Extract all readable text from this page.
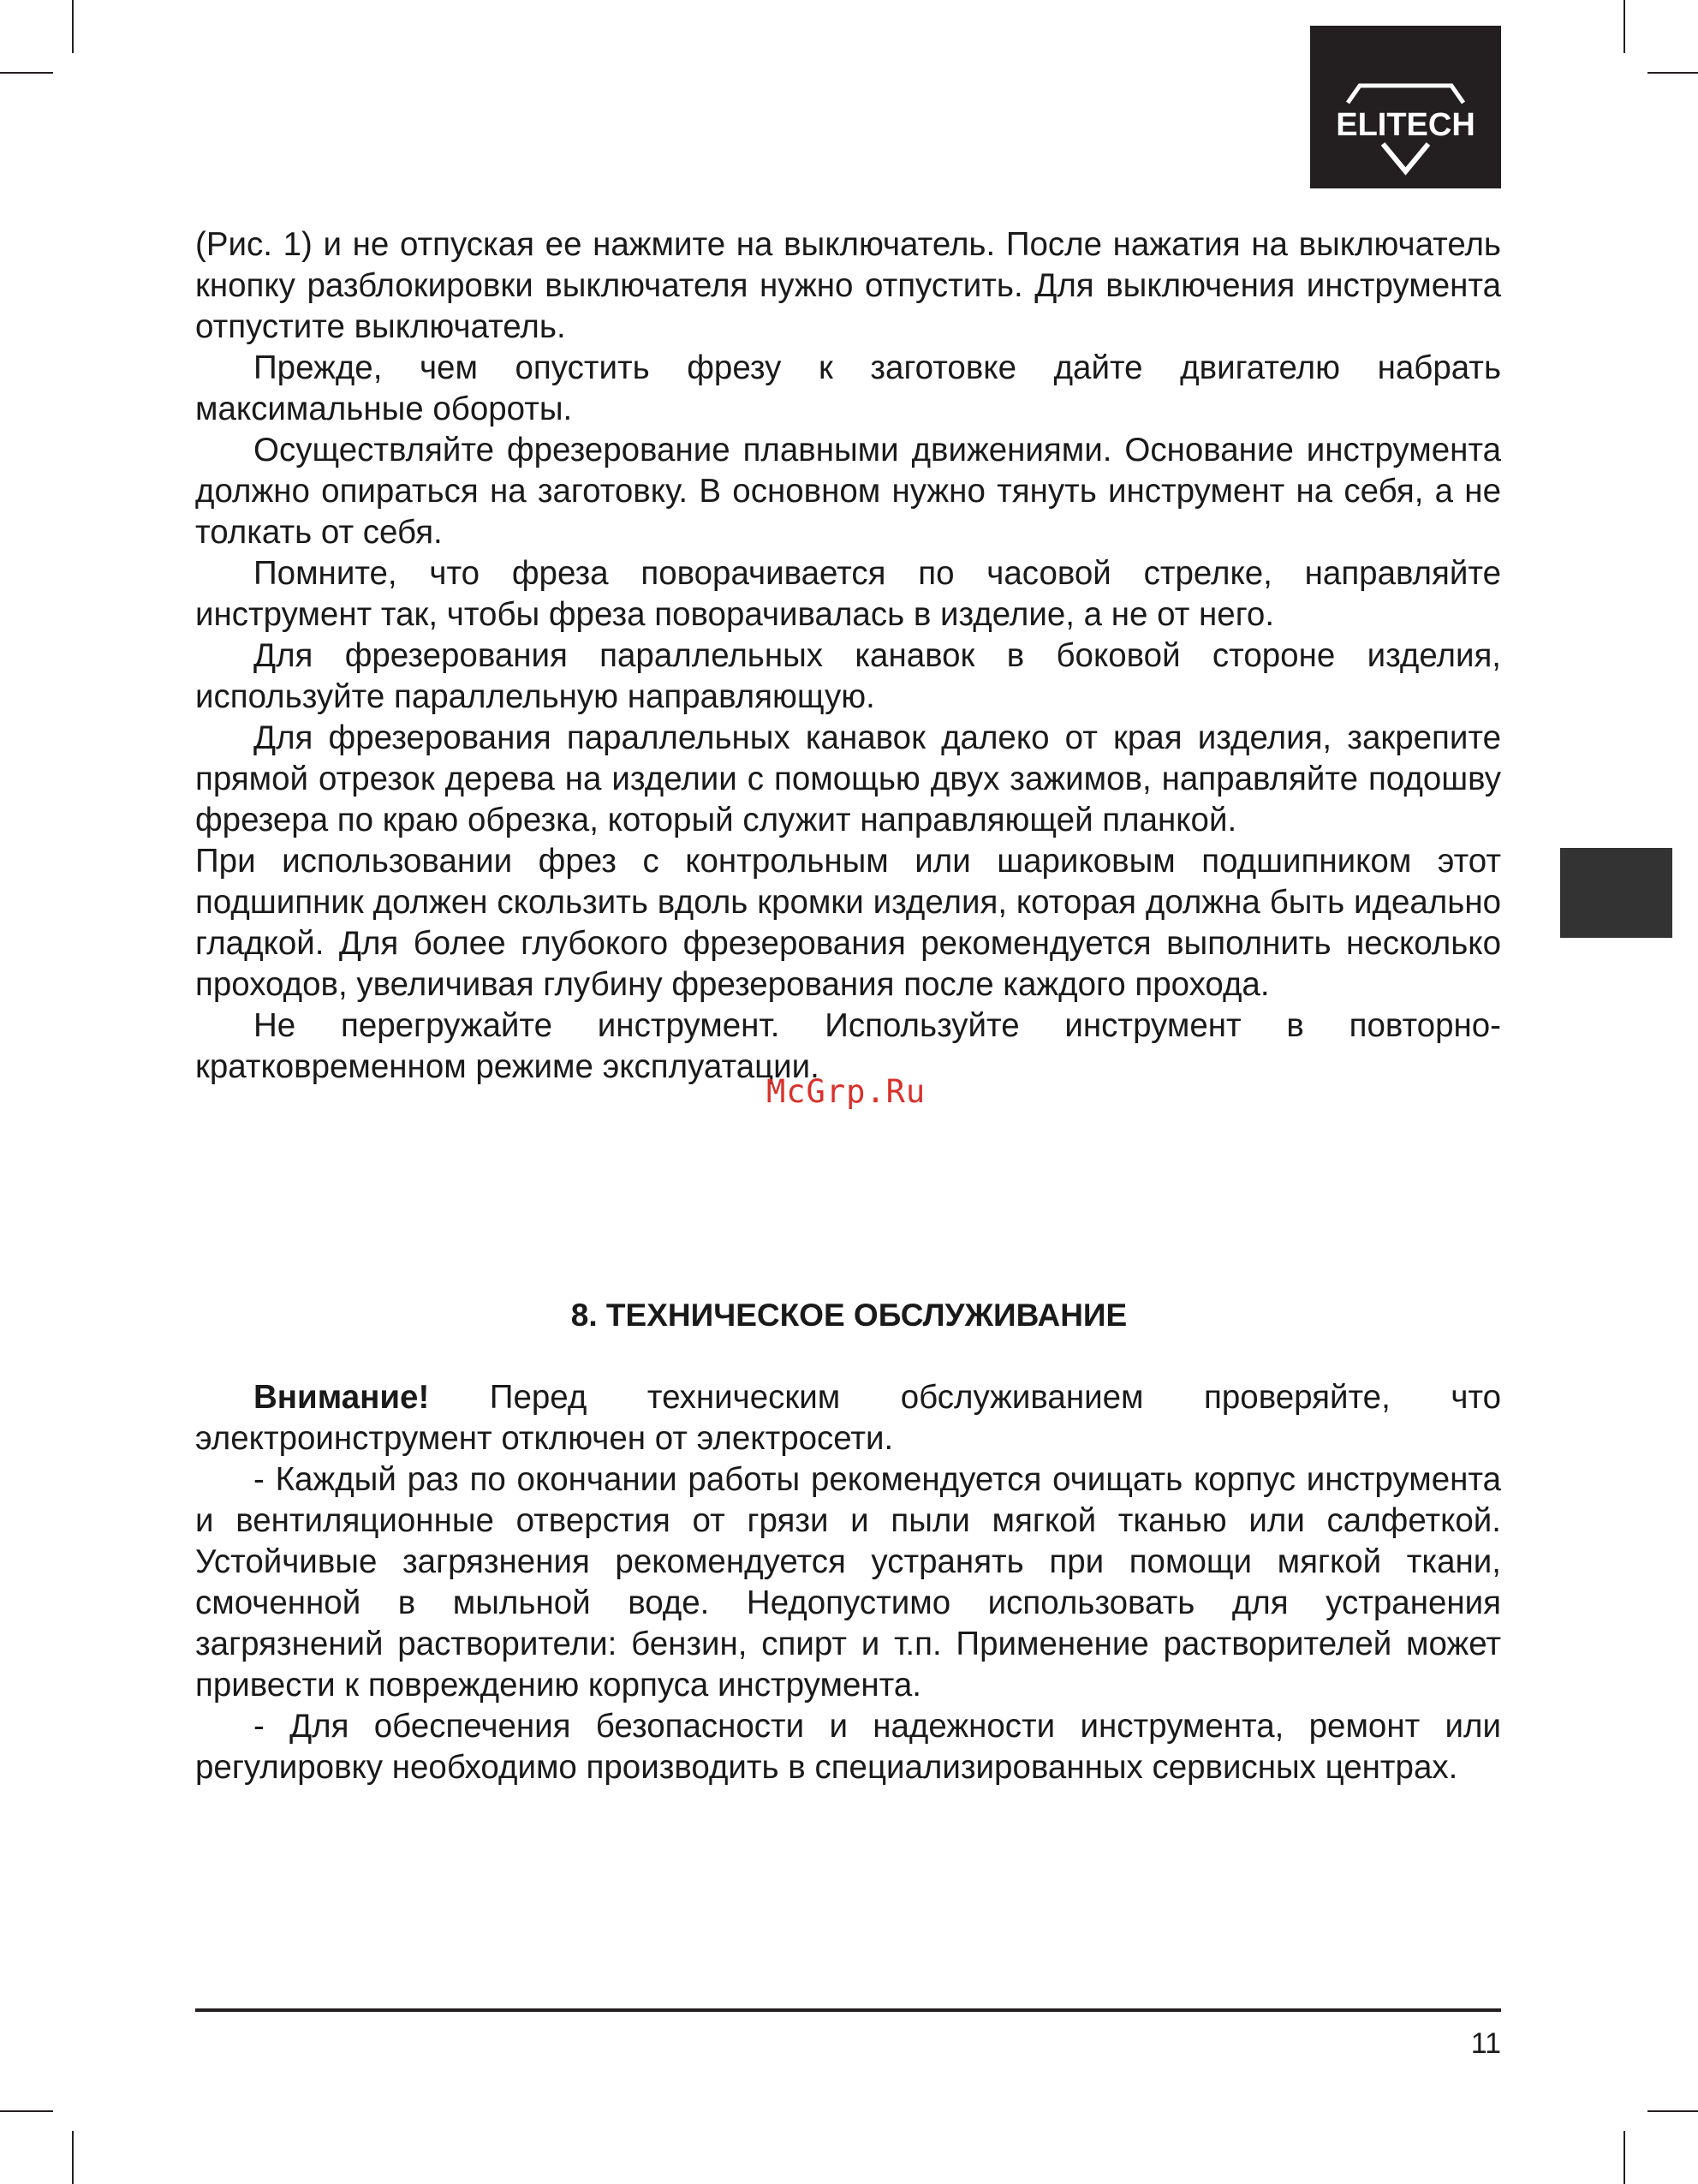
ELITECH

(Рис. 1) и не отпуская ее нажмите на выключатель. После нажатия на выключатель кнопку разблокировки выключателя нужно отпустить. Для выключения инструмента отпустите выключатель.

Прежде, чем опустить фрезу к заготовке дайте двигателю набрать максимальные обороты.

Осуществляйте фрезерование плавными движениями. Основание инструмента должно опираться на заготовку. В основном нужно тянуть инструмент на себя, а не толкать от себя.

Помните, что фреза поворачивается по часовой стрелке, направляйте инструмент так, чтобы фреза поворачивалась в изделие, а не от него.

Для фрезерования параллельных канавок в боковой стороне изделия, используйте параллельную направляющую.

Для фрезерования параллельных канавок далеко от края изделия, закрепите прямой отрезок дерева на изделии с помощью двух зажимов, направляйте подошву фрезера по краю обрезка, который служит направляющей планкой.

При использовании фрез с контрольным или шариковым подшипником этот подшипник должен скользить вдоль кромки изделия, которая должна быть идеально гладкой. Для более глубокого фрезерования рекомендуется выполнить несколько проходов, увеличивая глубину фрезерования после каждого прохода.

Не перегружайте инструмент. Используйте инструмент в повторно-кратковременном режиме эксплуатации.

McGrp.Ru
8. ТЕХНИЧЕСКОЕ ОБСЛУЖИВАНИЕ

Внимание! Перед техническим обслуживанием проверяйте, что электроинструмент отключен от электросети.

- Каждый раз по окончании работы рекомендуется очищать корпус инструмента и вентиляционные отверстия от грязи и пыли мягкой тканью или салфеткой. Устойчивые загрязнения рекомендуется устранять при помощи мягкой ткани, смоченной в мыльной воде. Недопустимо использовать для устранения загрязнений растворители: бензин, спирт и т.п. Применение растворителей может привести к повреждению корпуса инструмента.

- Для обеспечения безопасности и надежности инструмента, ремонт или регулировку необходимо производить в специализированных сервисных центрах.

11
